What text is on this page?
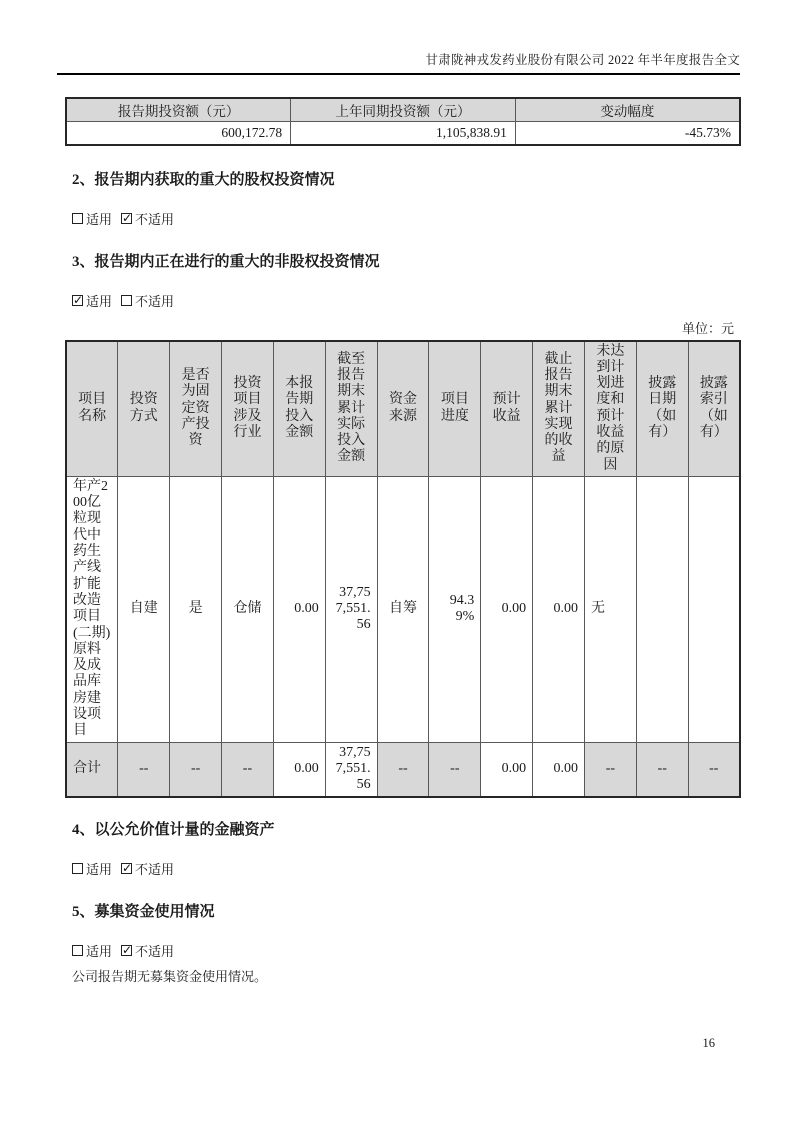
甘肃陇神戎发药业股份有限公司 2022 年半年度报告全文
报告期投资额（元）	上年同期投资额（元）	变动幅度
600,172.78	1,105,838.91	-45.73%
2、报告期内获取的重大的股权投资情况
适用 ✓ 不适用
3、报告期内正在进行的重大的非股权投资情况
✓
适用 不适用
单位：元
项目名称	投资方式	是否为固定资产投资	投资项目涉及行业	本报告期投入金额	截至报告期末累计实际投入金额	资金来源	项目进度	预计收益	截止报告期末累计实现的收益	未达到计划进度和预计收益的原因	披露日期（如有）	披露索引（如有）
年产200亿粒现代中药生产线扩能改造项目(二期)原料及成品库房建设项目	自建	是	仓储	0.00	37,757,551.56	自筹	94.39%	0.00	0.00	无		
合计	--	--	--	0.00	37,757,551.56	--	--	0.00	0.00	--	--	--
4、以公允价值计量的金融资产
适用 ✓ 不适用
5、募集资金使用情况
适用 ✓ 不适用
公司报告期无募集资金使用情况。
16
